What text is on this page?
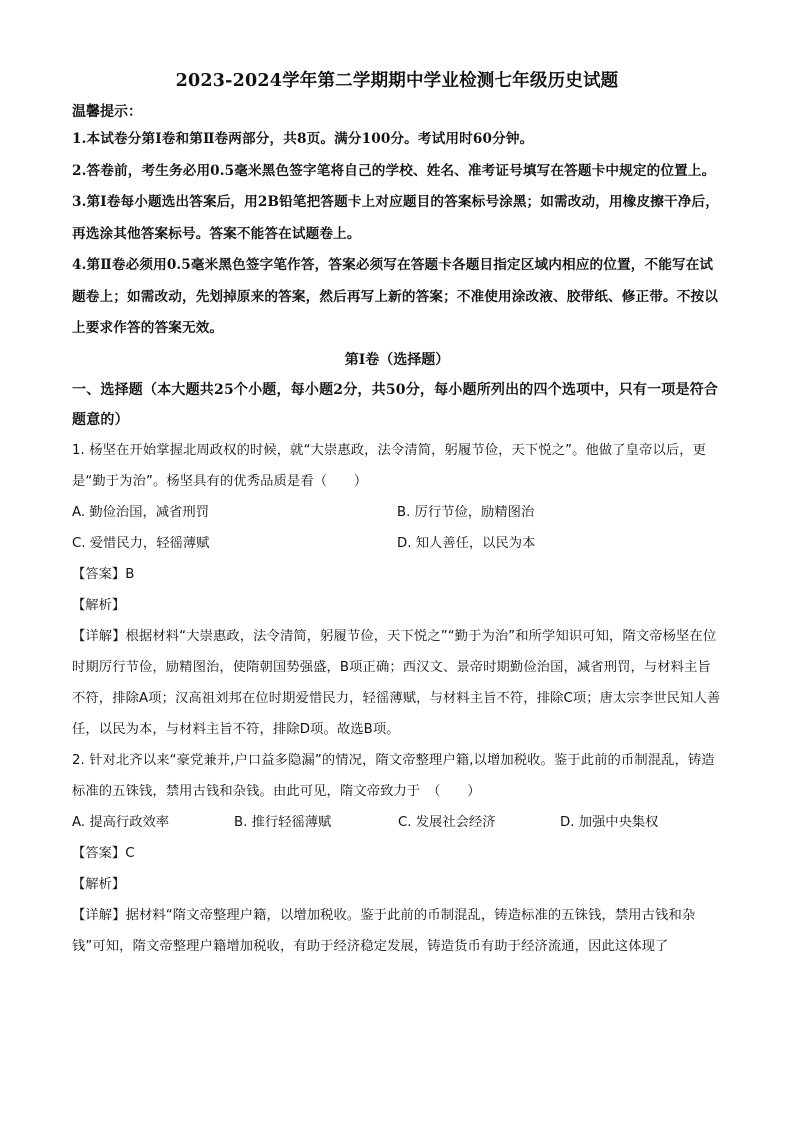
2023-2024学年第二学期期中学业检测七年级历史试题
温馨提示：

1.本试卷分第Ⅰ卷和第Ⅱ卷两部分，共8页。满分100分。考试用时60分钟。

2.答卷前，考生务必用0.5毫米黑色签字笔将自己的学校、姓名、准考证号填写在答题卡中规定的位置上。

3.第Ⅰ卷每小题选出答案后，用2B铅笔把答题卡上对应题目的答案标号涂黑；如需改动，用橡皮擦干净后，再选涂其他答案标号。答案不能答在试题卷上。

4.第Ⅱ卷必须用0.5毫米黑色签字笔作答，答案必须写在答题卡各题目指定区域内相应的位置，不能写在试题卷上；如需改动，先划掉原来的答案，然后再写上新的答案；不准使用涂改液、胶带纸、修正带。不按以上要求作答的答案无效。

第Ⅰ卷（选择题）
一、选择题（本大题共25个小题，每小题2分，共50分，每小题所列出的四个选项中，只有一项是符合题意的）

1. 杨坚在开始掌握北周政权的时候，就“大崇惠政，法令清简，躬履节俭，天下悦之”。他做了皇帝以后，更是“勤于为治”。杨坚具有的优秀品质是看（　　）

A. 勤俭治国，减省刑罚	B. 厉行节俭，励精图治
C. 爱惜民力，轻徭薄赋	D. 知人善任，以民为本
【答案】B
【解析】

【详解】根据材料“大崇惠政，法令清简，躬履节俭，天下悦之”“勤于为治”和所学知识可知，隋文帝杨坚在位时期厉行节俭，励精图治，使隋朝国势强盛，B项正确；西汉文、景帝时期勤俭治国，减省刑罚，与材料主旨不符，排除A项；汉高祖刘邦在位时期爱惜民力，轻徭薄赋，与材料主旨不符，排除C项；唐太宗李世民知人善任，以民为本，与材料主旨不符，排除D项。故选B项。

2. 针对北齐以来“豪党兼并,户口益多隐漏”的情况，隋文帝整理户籍,以增加税收。鉴于此前的币制混乱，铸造标准的五铢钱，禁用古钱和杂钱。由此可见，隋文帝致力于　（　　）

A. 提高行政效率	B. 推行轻徭薄赋	C. 发展社会经济	D. 加强中央集权
【答案】C
【解析】

【详解】据材料“隋文帝整理户籍，以增加税收。鉴于此前的币制混乱，铸造标准的五铢钱，禁用古钱和杂钱”可知，隋文帝整理户籍增加税收，有助于经济稳定发展，铸造货币有助于经济流通，因此这体现了
